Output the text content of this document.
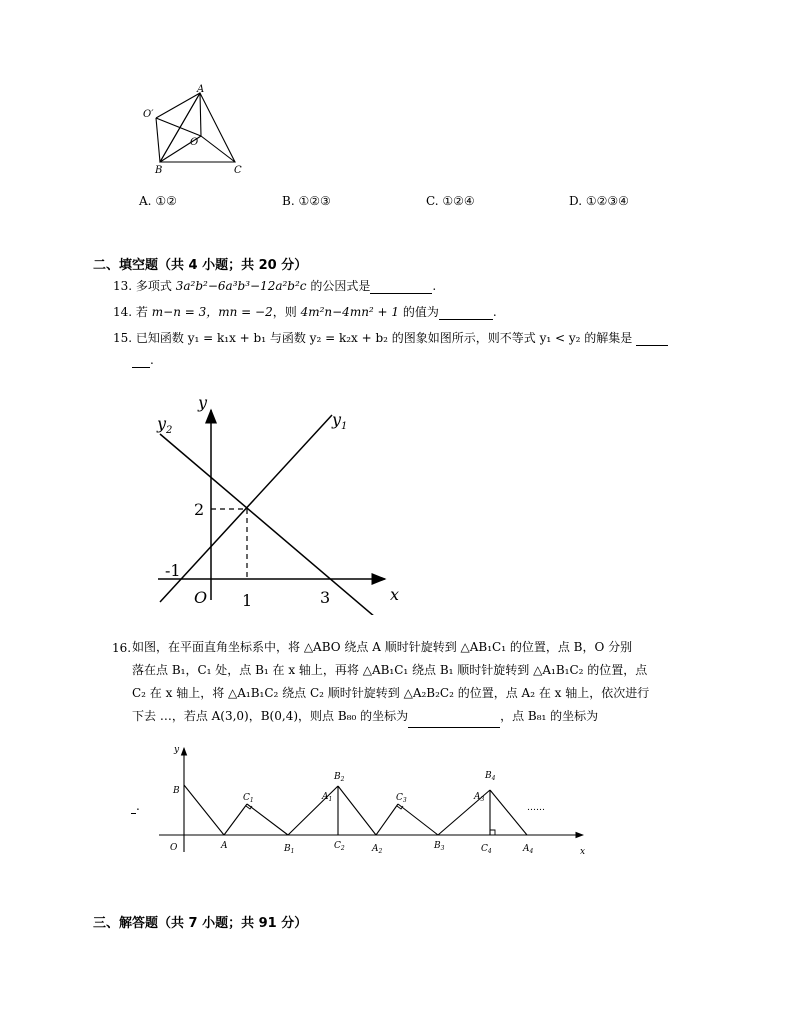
A
O′
O
B	C
A. ①②	B. ①②③	C. ①②④	D. ①②③④
二、填空题（共 4 小题；共 20 分）
13. 多项式 3a²b²−6a³b³−12a²b²c 的公因式是	.
14. 若 m−n = 3，mn = −2，则 4m²n−4mn² + 1 的值为	.
15. 已知函数 y₁ = k₁x + b₁ 与函数 y₂ = k₂x + b₂ 的图象如图所示，则不等式 y₁ < y₂ 的解集是
.
y
x
O
$y_1$
$y_2$
2
1	3
-1
16. 如图，在平面直角坐标系中，将 △ABO 绕点 A 顺时针旋转到 △AB₁C₁ 的位置，点 B，O 分别
落在点 B₁，C₁ 处，点 B₁ 在 x 轴上，再将 △AB₁C₁ 绕点 B₁ 顺时针旋转到 △A₁B₁C₂ 的位置，点
C₂ 在 x 轴上，将 △A₁B₁C₂ 绕点 C₂ 顺时针旋转到 △A₂B₂C₂ 的位置，点 A₂ 在 x 轴上，依次进行
下去 …，若点 A(3,0)，B(0,4)，则点 B₈₀ 的坐标为	，点 B₈₁ 的坐标为
.
y
x
O
B
A
$C_1$
$B_1$
$B_2$
$A_1$
$C_2$	$A_2$
$C_3$
$B_3$
$B_4$
$A_3$
$C_4$	$A_4$
……
三、解答题（共 7 小题；共 91 分）
